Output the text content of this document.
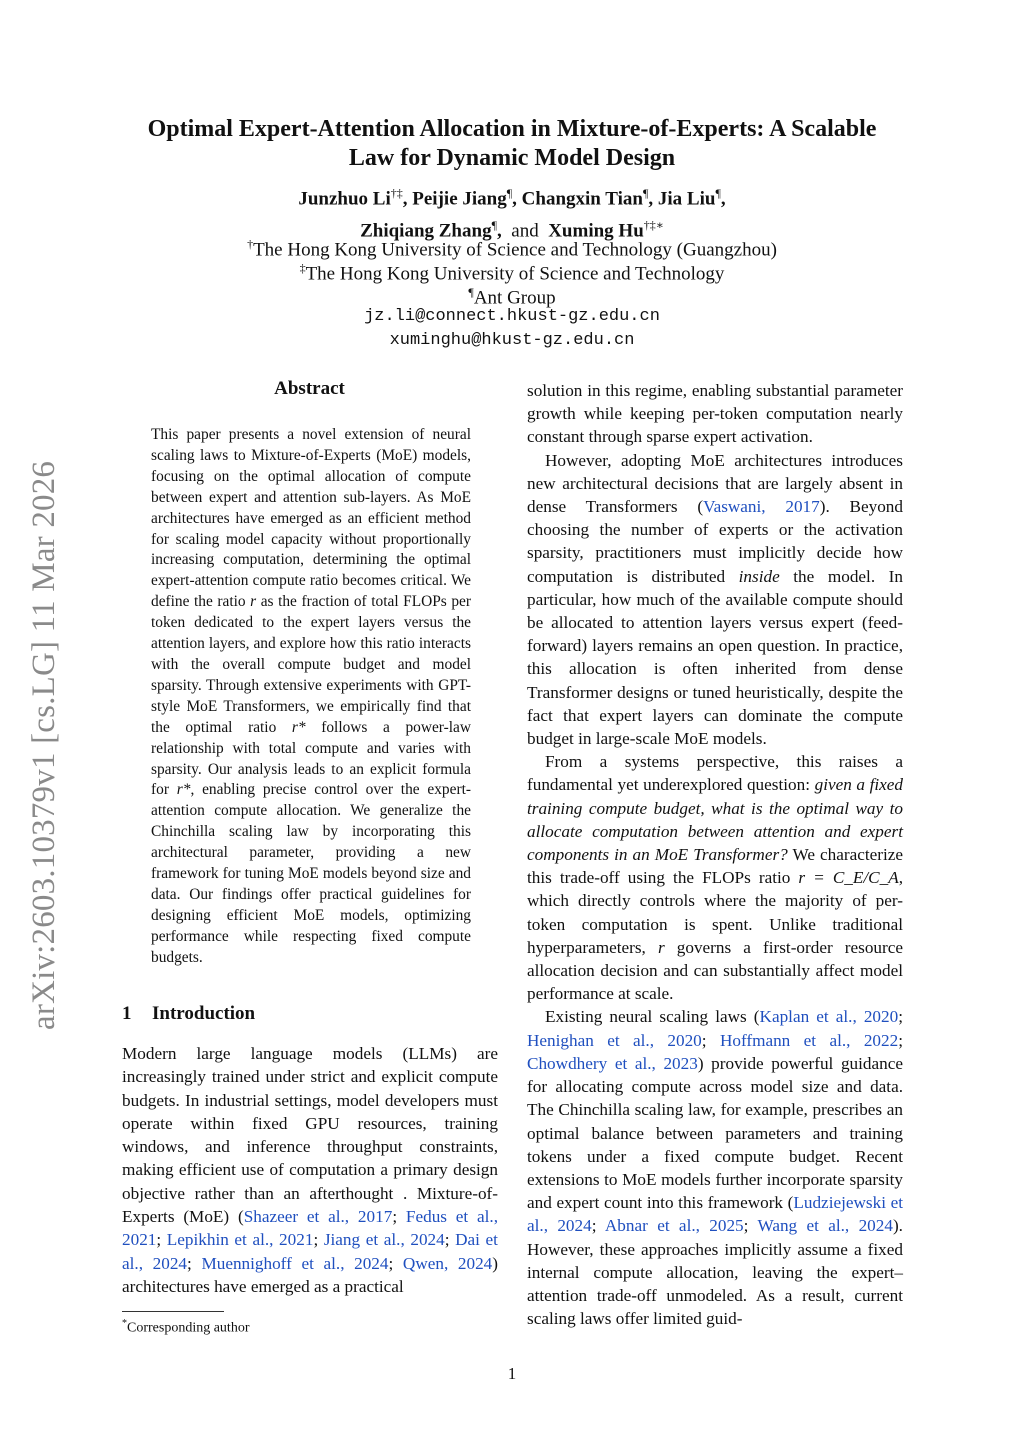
arXiv:2603.10379v1 [cs.LG] 11 Mar 2026
Optimal Expert-Attention Allocation in Mixture-of-Experts: A Scalable
Law for Dynamic Model Design
Junzhuo Li†‡, Peijie Jiang¶, Changxin Tian¶, Jia Liu¶,
Zhiqiang Zhang¶,  and Xuming Hu†‡∗
†The Hong Kong University of Science and Technology (Guangzhou)
‡The Hong Kong University of Science and Technology
¶Ant Group
jz.li@connect.hkust-gz.edu.cn
xuminghu@hkust-gz.edu.cn
Abstract
This paper presents a novel extension of neural scaling laws to Mixture-of-Experts (MoE) models, focusing on the optimal allocation of compute between expert and attention sub-layers. As MoE architectures have emerged as an efficient method for scaling model capacity without proportionally increasing computation, determining the optimal expert-attention compute ratio becomes critical. We define the ratio r as the fraction of total FLOPs per token dedicated to the expert layers versus the attention layers, and explore how this ratio interacts with the overall compute budget and model sparsity. Through extensive experiments with GPT-style MoE Transformers, we empirically find that the optimal ratio r* follows a power-law relationship with total compute and varies with sparsity. Our analysis leads to an explicit formula for r*, enabling precise control over the expert-attention compute allocation. We generalize the Chinchilla scaling law by incorporating this architectural parameter, providing a new framework for tuning MoE models beyond size and data. Our findings offer practical guidelines for designing efficient MoE models, optimizing performance while respecting fixed compute budgets.
1 Introduction
Modern large language models (LLMs) are increasingly trained under strict and explicit compute budgets. In industrial settings, model developers must operate within fixed GPU resources, training windows, and inference throughput constraints, making efficient use of computation a primary design objective rather than an afterthought . Mixture-of-Experts (MoE) (Shazeer et al., 2017; Fedus et al., 2021; Lepikhin et al., 2021; Jiang et al., 2024; Dai et al., 2024; Muennighoff et al., 2024; Qwen, 2024) architectures have emerged as a practical

solution in this regime, enabling substantial parameter growth while keeping per-token computation nearly constant through sparse expert activation.

However, adopting MoE architectures introduces new architectural decisions that are largely absent in dense Transformers (Vaswani, 2017). Beyond choosing the number of experts or the activation sparsity, practitioners must implicitly decide how computation is distributed inside the model. In particular, how much of the available compute should be allocated to attention layers versus expert (feed-forward) layers remains an open question. In practice, this allocation is often inherited from dense Transformer designs or tuned heuristically, despite the fact that expert layers can dominate the compute budget in large-scale MoE models.

From a systems perspective, this raises a fundamental yet underexplored question: given a fixed training compute budget, what is the optimal way to allocate computation between attention and expert components in an MoE Transformer? We characterize this trade-off using the FLOPs ratio r = C_E/C_A, which directly controls where the majority of per-token computation is spent. Unlike traditional hyperparameters, r governs a first-order resource allocation decision and can substantially affect model performance at scale.

Existing neural scaling laws (Kaplan et al., 2020; Henighan et al., 2020; Hoffmann et al., 2022; Chowdhery et al., 2023) provide powerful guidance for allocating compute across model size and data. The Chinchilla scaling law, for example, prescribes an optimal balance between parameters and training tokens under a fixed compute budget. Recent extensions to MoE models further incorporate sparsity and expert count into this framework (Ludziejewski et al., 2024; Abnar et al., 2025; Wang et al., 2024). However, these approaches implicitly assume a fixed internal compute allocation, leaving the expert–attention trade-off unmodeled. As a result, current scaling laws offer limited guid-

*Corresponding author
1
